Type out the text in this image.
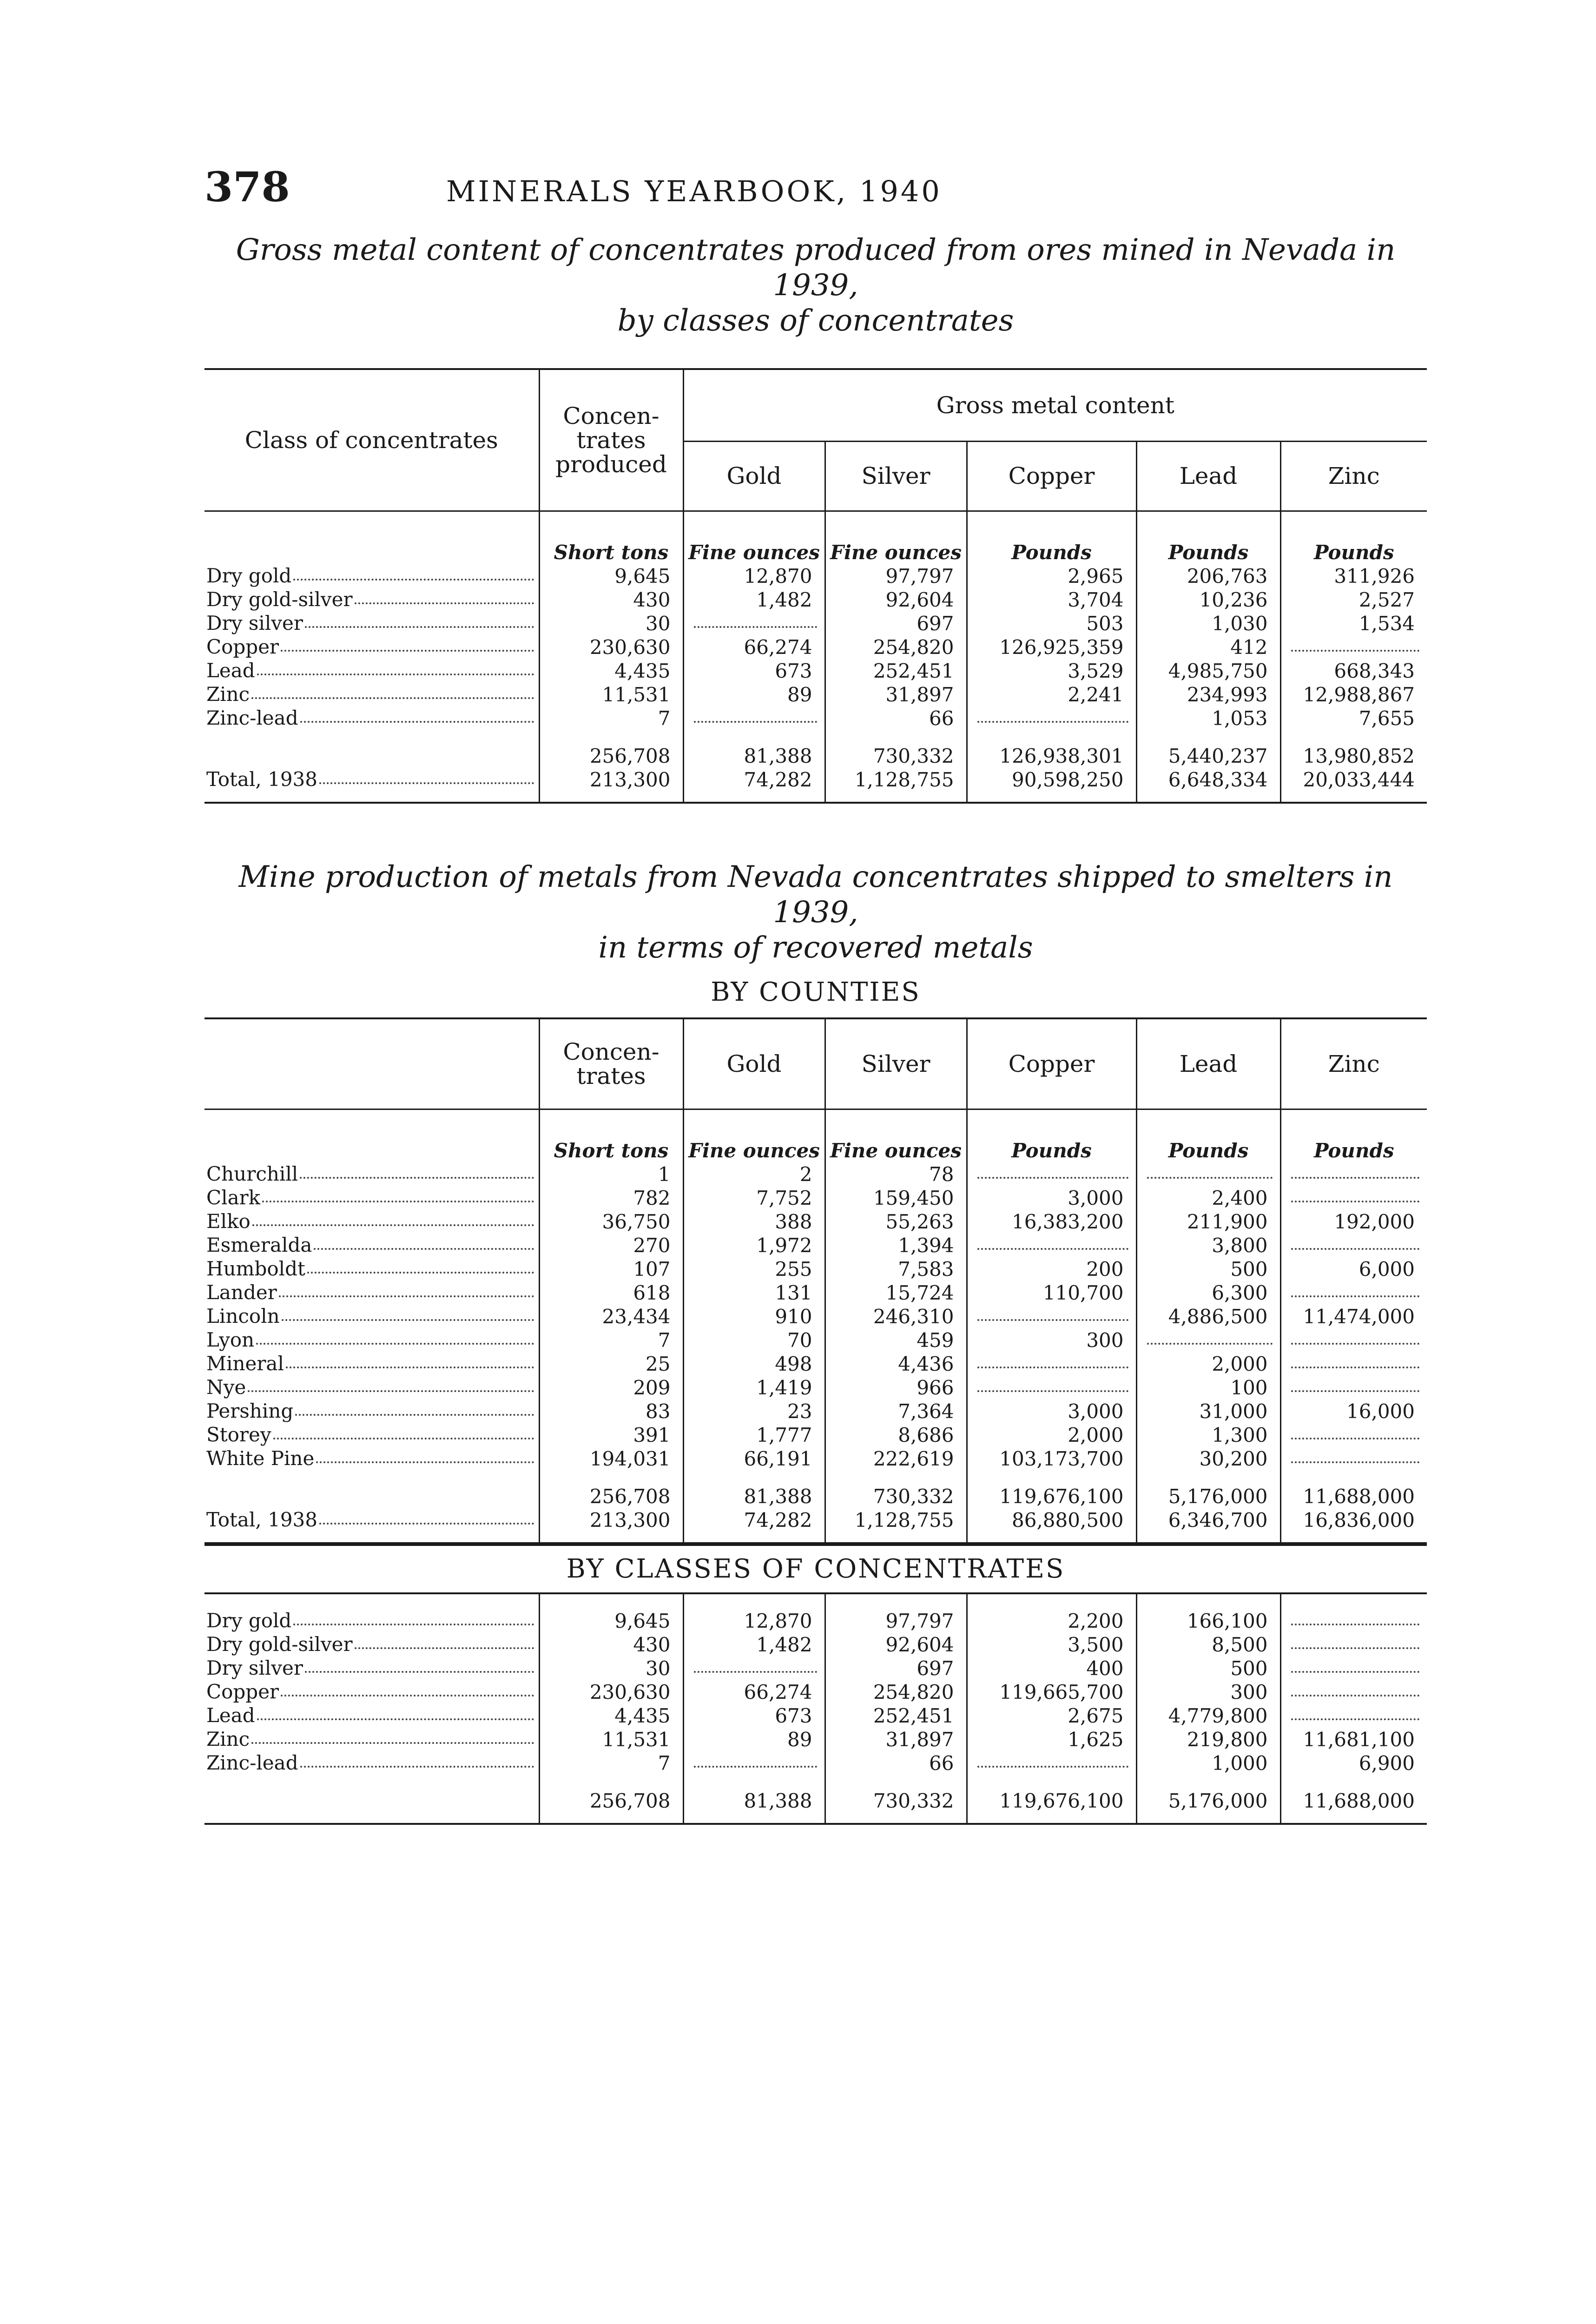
378	MINERALS YEARBOOK, 1940
Gross metal content of concentrates produced from ores mined in Nevada in 1939,
by classes of concentrates
Class of concentrates	Concen- trates produced	Gross metal content				
		Gold	Silver	Copper	Lead	Zinc

	Short tons	Fine ounces	Fine ounces	Pounds	Pounds	Pounds

Dry gold	9,645	12,870	97,797	2,965	206,763	311,926

Dry gold-silver	430	1,482	92,604	3,704	10,236	2,527

Dry silver	30		697	503	1,030	1,534

Copper	230,630	66,274	254,820	126,925,359	412	

Lead	4,435	673	252,451	3,529	4,985,750	668,343

Zinc	11,531	89	31,897	2,241	234,993	12,988,867

Zinc-lead	7		66		1,053	7,655

	256,708	81,388	730,332	126,938,301	5,440,237	13,980,852

Total, 1938	213,300	74,282	1,128,755	90,598,250	6,648,334	20,033,444

Mine production of metals from Nevada concentrates shipped to smelters in 1939,
in terms of recovered metals
BY COUNTIES
	Concen- trates	Gold	Silver	Copper	Lead	Zinc

	Short tons	Fine ounces	Fine ounces	Pounds	Pounds	Pounds

Churchill	1	2	78			

Clark	782	7,752	159,450	3,000	2,400	

Elko	36,750	388	55,263	16,383,200	211,900	192,000

Esmeralda	270	1,972	1,394		3,800	

Humboldt	107	255	7,583	200	500	6,000

Lander	618	131	15,724	110,700	6,300	

Lincoln	23,434	910	246,310		4,886,500	11,474,000

Lyon	7	70	459	300		

Mineral	25	498	4,436		2,000	

Nye	209	1,419	966		100	

Pershing	83	23	7,364	3,000	31,000	16,000

Storey	391	1,777	8,686	2,000	1,300	

White Pine	194,031	66,191	222,619	103,173,700	30,200	

	256,708	81,388	730,332	119,676,100	5,176,000	11,688,000

Total, 1938	213,300	74,282	1,128,755	86,880,500	6,346,700	16,836,000

BY CLASSES OF CONCENTRATES

Dry gold	9,645	12,870	97,797	2,200	166,100	

Dry gold-silver	430	1,482	92,604	3,500	8,500	

Dry silver	30		697	400	500	

Copper	230,630	66,274	254,820	119,665,700	300	

Lead	4,435	673	252,451	2,675	4,779,800	

Zinc	11,531	89	31,897	1,625	219,800	11,681,100

Zinc-lead	7		66		1,000	6,900

	256,708	81,388	730,332	119,676,100	5,176,000	11,688,000
